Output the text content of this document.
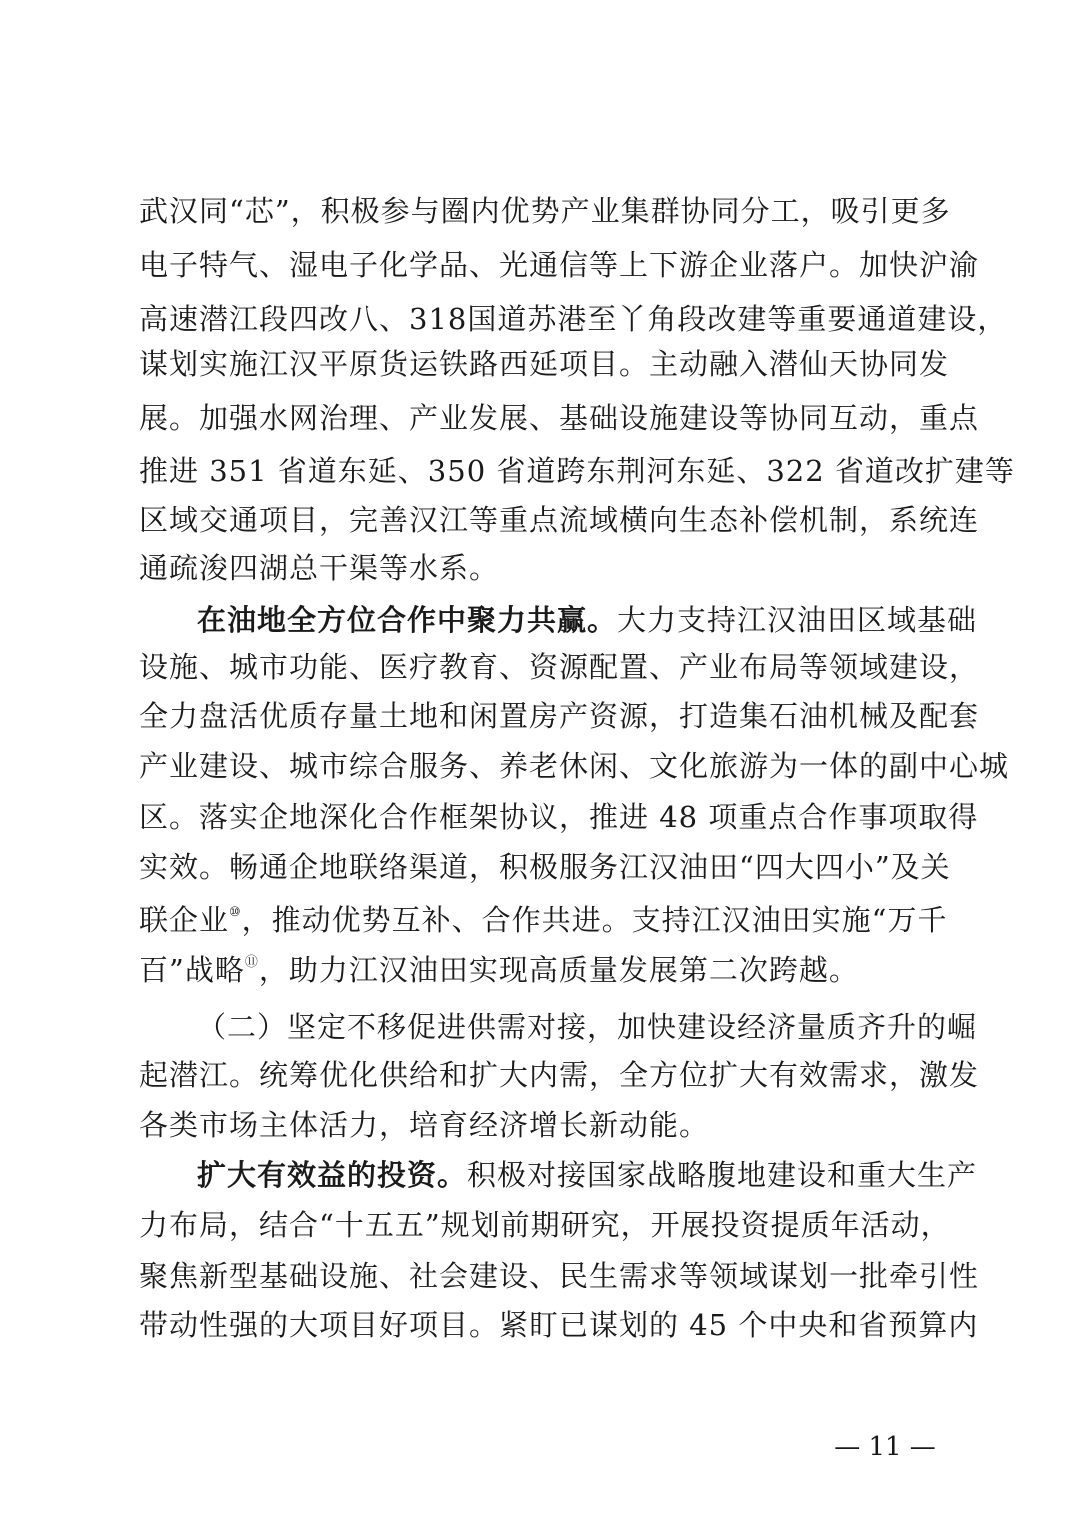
武汉同“芯”，积极参与圈内优势产业集群协同分工，吸引更多
电子特气、湿电子化学品、光通信等上下游企业落户。加快沪渝
高速潜江段四改八、318国道苏港至丫角段改建等重要通道建设，
谋划实施江汉平原货运铁路西延项目。主动融入潜仙天协同发
展。加强水网治理、产业发展、基础设施建设等协同互动，重点
推进 351 省道东延、350 省道跨东荆河东延、322 省道改扩建等
区域交通项目，完善汉江等重点流域横向生态补偿机制，系统连
通疏浚四湖总干渠等水系。
在油地全方位合作中聚力共赢。大力支持江汉油田区域基础
设施、城市功能、医疗教育、资源配置、产业布局等领域建设，
全力盘活优质存量土地和闲置房产资源，打造集石油机械及配套
产业建设、城市综合服务、养老休闲、文化旅游为一体的副中心城
区。落实企地深化合作框架协议，推进 48 项重点合作事项取得
实效。畅通企地联络渠道，积极服务江汉油田“四大四小”及关
联企业⑩，推动优势互补、合作共进。支持江汉油田实施“万千
百”战略⑪，助力江汉油田实现高质量发展第二次跨越。
（二）坚定不移促进供需对接，加快建设经济量质齐升的崛
起潜江。统筹优化供给和扩大内需，全方位扩大有效需求，激发
各类市场主体活力，培育经济增长新动能。
扩大有效益的投资。积极对接国家战略腹地建设和重大生产
力布局，结合“十五五”规划前期研究，开展投资提质年活动，
聚焦新型基础设施、社会建设、民生需求等领域谋划一批牵引性
带动性强的大项目好项目。紧盯已谋划的 45 个中央和省预算内
— 11 —
